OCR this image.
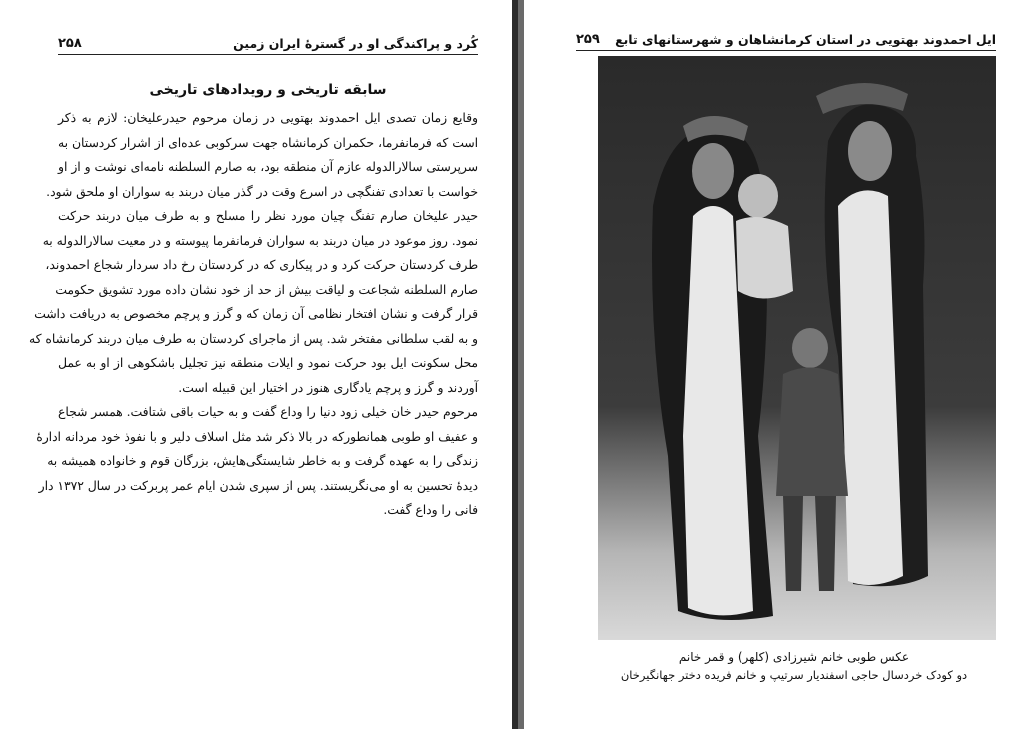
کُرد و پراکندگی او در گسترهٔ ایران زمین
۲۵۸
سابقه تاریخی و رویدادهای تاریخی
وقایع زمان تصدی ایل احمدوند بهتویی در زمان مرحوم حیدرعلیخان: لازم به ذکر
است که فرمانفرما، حکمران کرمانشاه جهت سرکوبی عده‌ای از اشرار کردستان به
سرپرستی سالارالدوله عازم آن منطقه بود، به صارم السلطنه نامه‌ای نوشت و از او
خواست با تعدادی تفنگچی در اسرع وقت در گذر میان دربند به سواران او ملحق شود.
حیدر علیخان صارم تفنگ چیان مورد نظر را مسلح و به طرف میان دربند حرکت
نمود. روز موعود در میان دربند به سواران فرمانفرما پیوسته و در معیت سالارالدوله به
طرف کردستان حرکت کرد و در پیکاری که در کردستان رخ داد سردار شجاع احمدوند،
صارم السلطنه شجاعت و لیاقت بیش از حد از خود نشان داده مورد تشویق حکومت
قرار گرفت و نشان افتخار نظامی آن زمان که و گرز و پرچم مخصوص به دریافت داشت
و به لقب سلطانی مفتخر شد. پس از ماجرای کردستان به طرف میان دربند کرمانشاه که
محل سکونت ایل بود حرکت نمود و ایلات منطقه نیز تجلیل باشکوهی از او به عمل
آوردند و گرز و پرچم یادگاری هنوز در اختیار این قبیله است.
مرحوم حیدر خان خیلی زود دنیا را وداع گفت و به حیات باقی شتافت. همسر شجاع
و عفیف او طوبی همانطورکه در بالا ذکر شد مثل اسلاف دلیر و با نفوذ خود مردانه ادارهٔ
زندگی را به عهده گرفت و به خاطر شایستگی‌هایش، بزرگان قوم و خانواده همیشه به
دیدهٔ تحسین به او می‌نگریستند. پس از سپری شدن ایام عمر پربرکت در سال ۱۳۷۲ دار
فانی را وداع گفت.
ایل احمدوند بهتویی در استان کرمانشاهان و شهرستانهای تابع
۲۵۹
عکس طوبی خانم شیرزادی (کلهر) و قمر خانم
دو کودک خردسال حاجی اسفندیار سرتیپ و خانم فریده دختر جهانگیرخان
